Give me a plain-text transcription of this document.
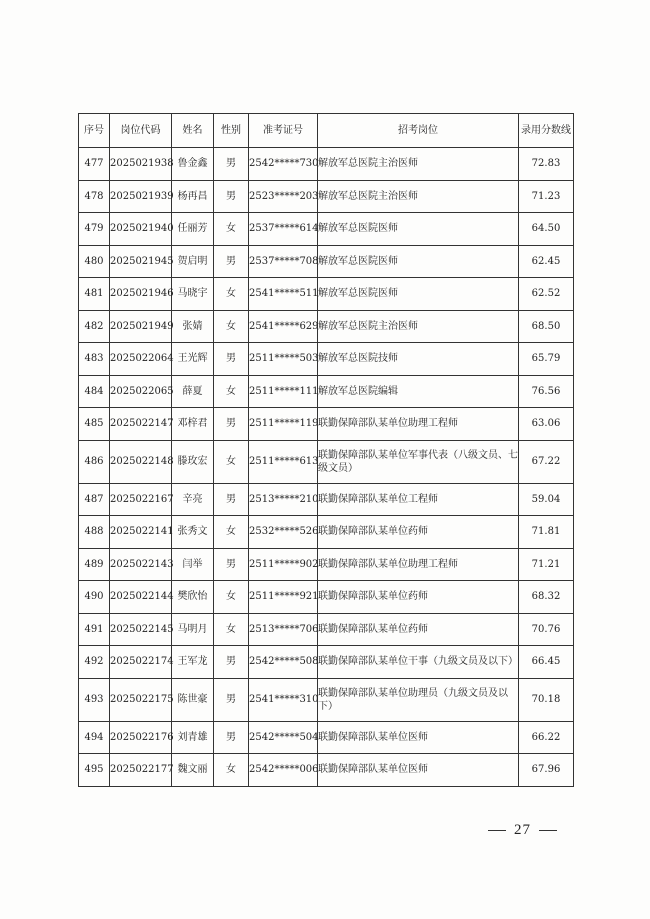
序号	岗位代码	姓名	性别	准考证号	招考岗位	录用分数线
477	2025021938	鲁金鑫	男	2542*****730	解放军总医院主治医师	72.83
478	2025021939	杨再昌	男	2523*****203	解放军总医院主治医师	71.23
479	2025021940	任丽芳	女	2537*****614	解放军总医院医师	64.50
480	2025021945	贺启明	男	2537*****708	解放军总医院医师	62.45
481	2025021946	马晓宇	女	2541*****511	解放军总医院医师	62.52
482	2025021949	张婧	女	2541*****629	解放军总医院主治医师	68.50
483	2025022064	王光辉	男	2511*****503	解放军总医院技师	65.79
484	2025022065	薛夏	女	2511*****111	解放军总医院编辑	76.56
485	2025022147	邓梓君	男	2511*****119	联勤保障部队某单位助理工程师	63.06
486	2025022148	滕玫宏	女	2511*****613	联勤保障部队某单位军事代表（八级文员、七级文员）	67.22
487	2025022167	辛亮	男	2513*****210	联勤保障部队某单位工程师	59.04
488	2025022141	张秀文	女	2532*****526	联勤保障部队某单位药师	71.81
489	2025022143	闫举	男	2511*****902	联勤保障部队某单位助理工程师	71.21
490	2025022144	樊欣怡	女	2511*****921	联勤保障部队某单位药师	68.32
491	2025022145	马明月	女	2513*****706	联勤保障部队某单位药师	70.76
492	2025022174	王军龙	男	2542*****508	联勤保障部队某单位干事（九级文员及以下）	66.45
493	2025022175	陈世豪	男	2541*****310	联勤保障部队某单位助理员（九级文员及以下）	70.18
494	2025022176	刘青雄	男	2542*****504	联勤保障部队某单位医师	66.22
495	2025022177	魏文丽	女	2542*****006	联勤保障部队某单位医师	67.96
27
